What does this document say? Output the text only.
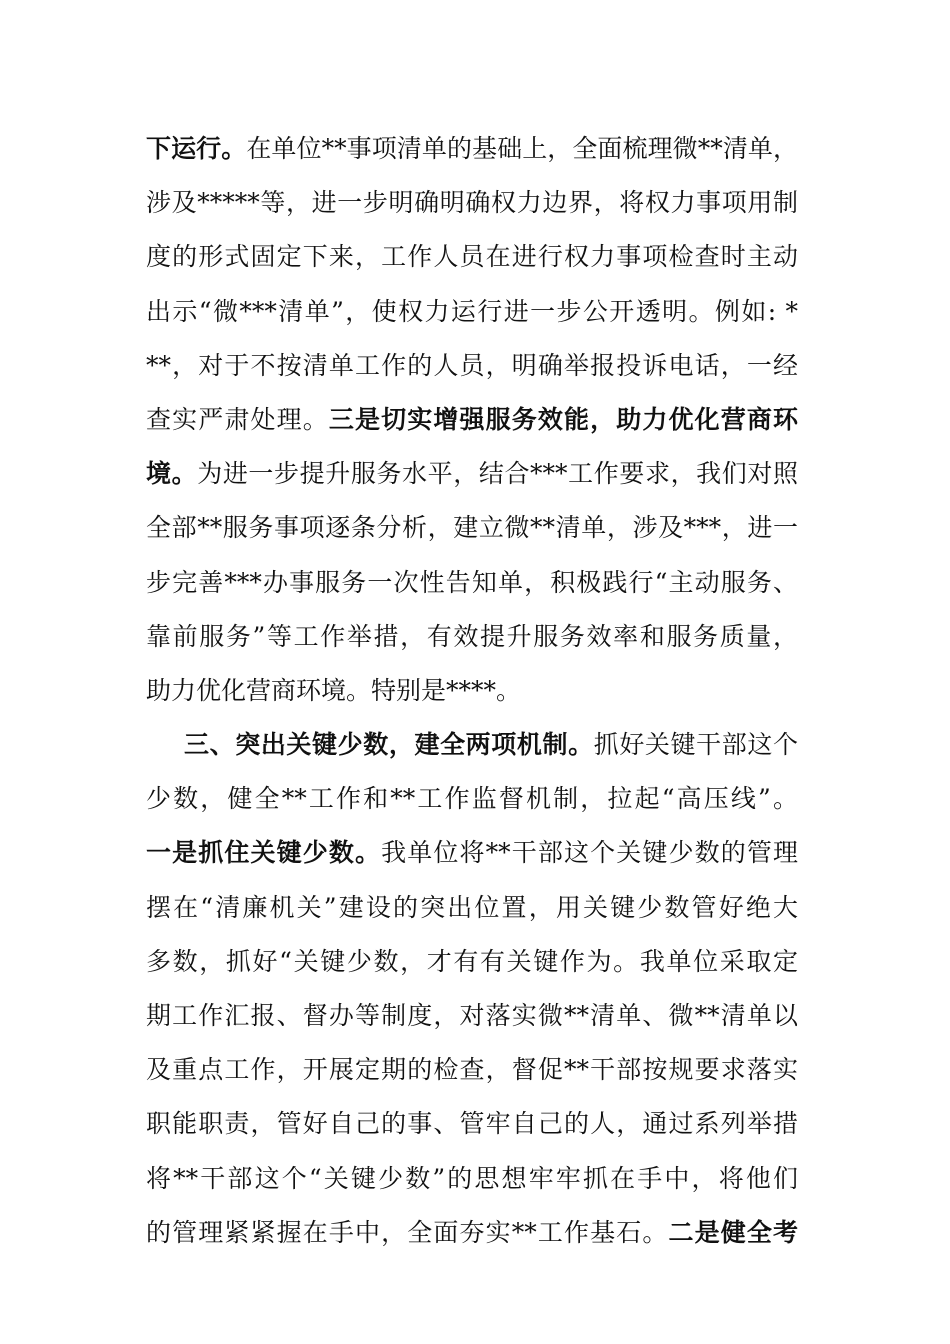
下运行。在单位**事项清单的基础上，全面梳理微**清单，
涉及*****等，进一步明确明确权力边界，将权力事项用制
度的形式固定下来，工作人员在进行权力事项检查时主动
出示“微***清单”，使权力运行进一步公开透明。例如: *
**，对于不按清单工作的人员，明确举报投诉电话，一经
查实严肃处理。三是切实增强服务效能，助力优化营商环
境。为进一步提升服务水平，结合***工作要求，我们对照
全部**服务事项逐条分析，建立微**清单，涉及***，进一
步完善***办事服务一次性告知单，积极践行“主动服务、
靠前服务”等工作举措，有效提升服务效率和服务质量，
助力优化营商环境。特别是****。
三、突出关键少数，建全两项机制。抓好关键干部这个
少数，健全**工作和**工作监督机制，拉起“高压线”。
一是抓住关键少数。我单位将**干部这个关键少数的管理
摆在“清廉机关”建设的突出位置，用关键少数管好绝大
多数，抓好“关键少数，才有有关键作为。我单位采取定
期工作汇报、督办等制度，对落实微**清单、微**清单以
及重点工作，开展定期的检查，督促**干部按规要求落实
职能职责，管好自己的事、管牢自己的人，通过系列举措
将**干部这个“关键少数”的思想牢牢抓在手中，将他们
的管理紧紧握在手中，全面夯实**工作基石。二是健全考
